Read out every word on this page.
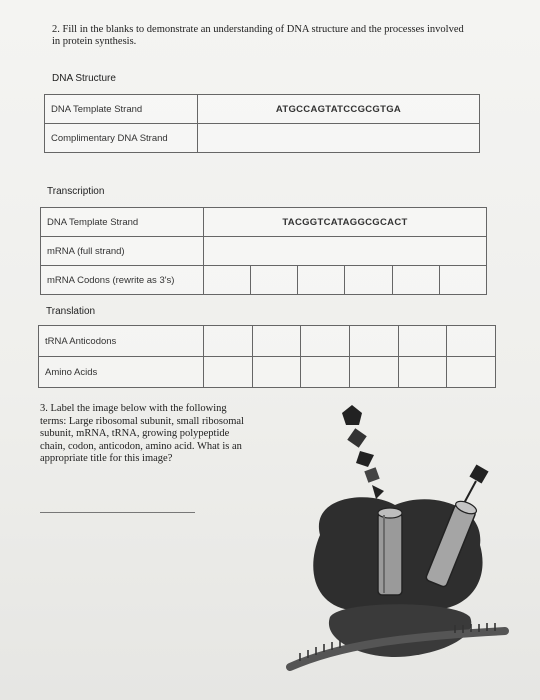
2. Fill in the blanks to demonstrate an understanding of DNA structure and the processes involved in protein synthesis.
DNA Structure
DNA Template Strand	ATGCCAGTATCCGCGTGA
Complimentary DNA Strand	
Transcription
DNA Template Strand	TACGGTCATAGGCGCACT					
mRNA (full strand)						
mRNA Codons (rewrite as 3's)						
Translation
tRNA Anticodons						
Amino Acids						
3. Label the image below with the following terms: Large ribosomal subunit, small ribosomal subunit, mRNA, tRNA, growing polypeptide chain, codon, anticodon, amino acid. What is an appropriate title for this image?
